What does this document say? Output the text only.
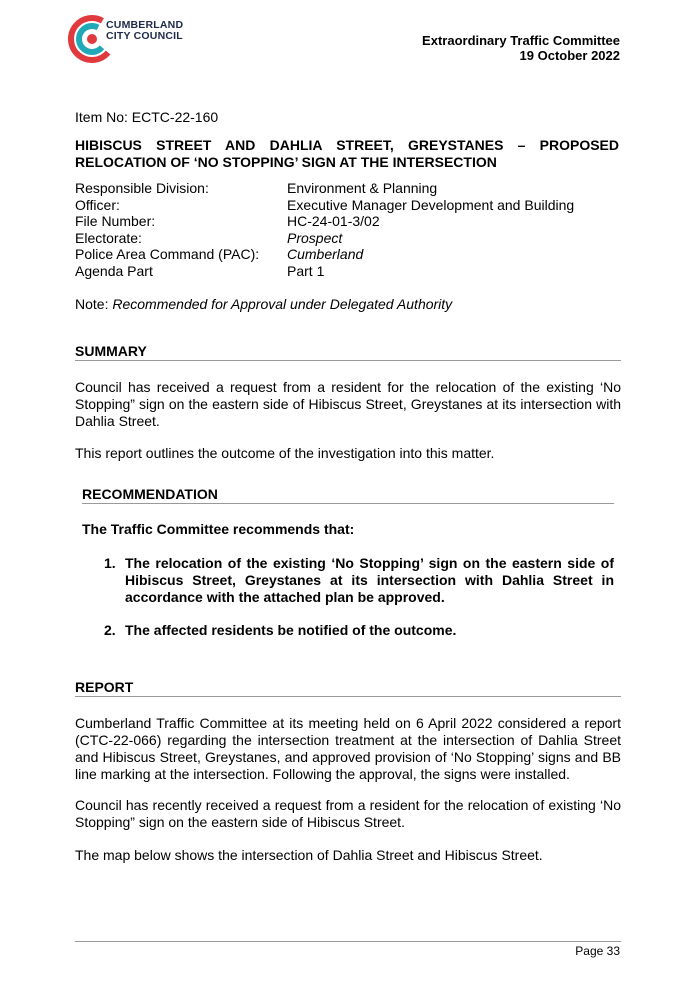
CUMBERLAND
CITY COUNCIL	Extraordinary Traffic Committee
19 October 2022
Item No: ECTC-22-160
HIBISCUS STREET AND DAHLIA STREET, GREYSTANES – PROPOSED
RELOCATION OF ‘NO STOPPING’ SIGN AT THE INTERSECTION
Responsible Division:	Environment & Planning
Officer:	Executive Manager Development and Building
File Number:	HC-24-01-3/02
Electorate:	Prospect
Police Area Command (PAC):	Cumberland
Agenda Part	Part 1
Note: Recommended for Approval under Delegated Authority
SUMMARY
Council has received a request from a resident for the relocation of the existing ‘No Stopping” sign on the eastern side of Hibiscus Street, Greystanes at its intersection with Dahlia Street.
This report outlines the outcome of the investigation into this matter.
RECOMMENDATION
The Traffic Committee recommends that:
1. The relocation of the existing ‘No Stopping’ sign on the eastern side of Hibiscus Street, Greystanes at its intersection with Dahlia Street in accordance with the attached plan be approved.
2. The affected residents be notified of the outcome.
REPORT
Cumberland Traffic Committee at its meeting held on 6 April 2022 considered a report (CTC-22-066) regarding the intersection treatment at the intersection of Dahlia Street and Hibiscus Street, Greystanes, and approved provision of ‘No Stopping’ signs and BB line marking at the intersection. Following the approval, the signs were installed.
Council has recently received a request from a resident for the relocation of existing ‘No Stopping” sign on the eastern side of Hibiscus Street.
The map below shows the intersection of Dahlia Street and Hibiscus Street.
Page 33
